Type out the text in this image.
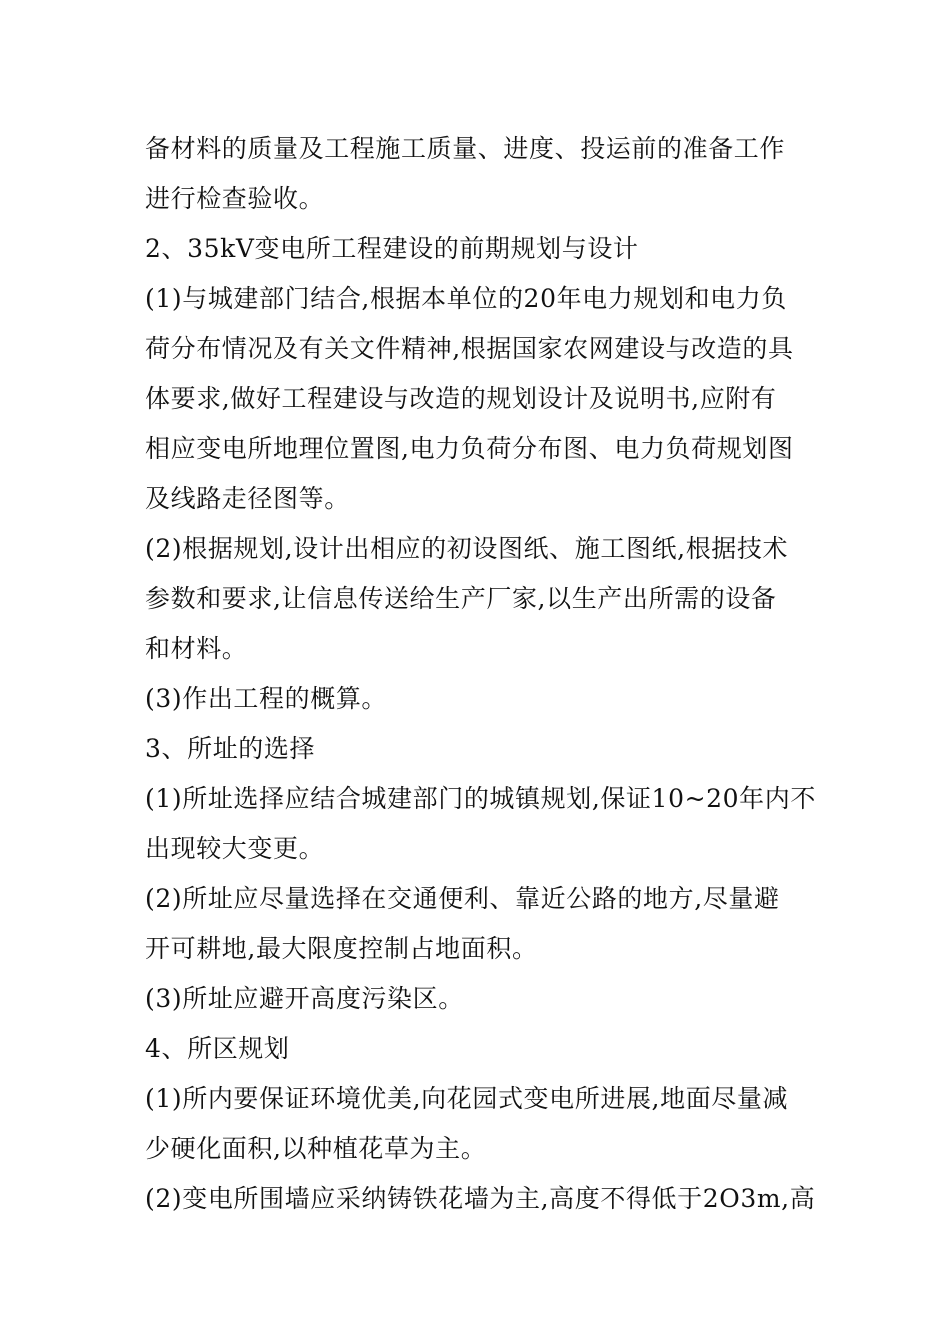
备材料的质量及工程施工质量、进度、投运前的准备工作
进行检查验收。
2、35kV变电所工程建设的前期规划与设计
(1)与城建部门结合,根据本单位的20年电力规划和电力负
荷分布情况及有关文件精神,根据国家农网建设与改造的具
体要求,做好工程建设与改造的规划设计及说明书,应附有
相应变电所地理位置图,电力负荷分布图、电力负荷规划图
及线路走径图等。
(2)根据规划,设计出相应的初设图纸、施工图纸,根据技术
参数和要求,让信息传送给生产厂家,以生产出所需的设备
和材料。
(3)作出工程的概算。
3、所址的选择
(1)所址选择应结合城建部门的城镇规划,保证10~20年内不
出现较大变更。
(2)所址应尽量选择在交通便利、靠近公路的地方,尽量避
开可耕地,最大限度控制占地面积。
(3)所址应避开高度污染区。
4、所区规划
(1)所内要保证环境优美,向花园式变电所进展,地面尽量减
少硬化面积,以种植花草为主。
(2)变电所围墙应采纳铸铁花墙为主,高度不得低于2O3m,高
